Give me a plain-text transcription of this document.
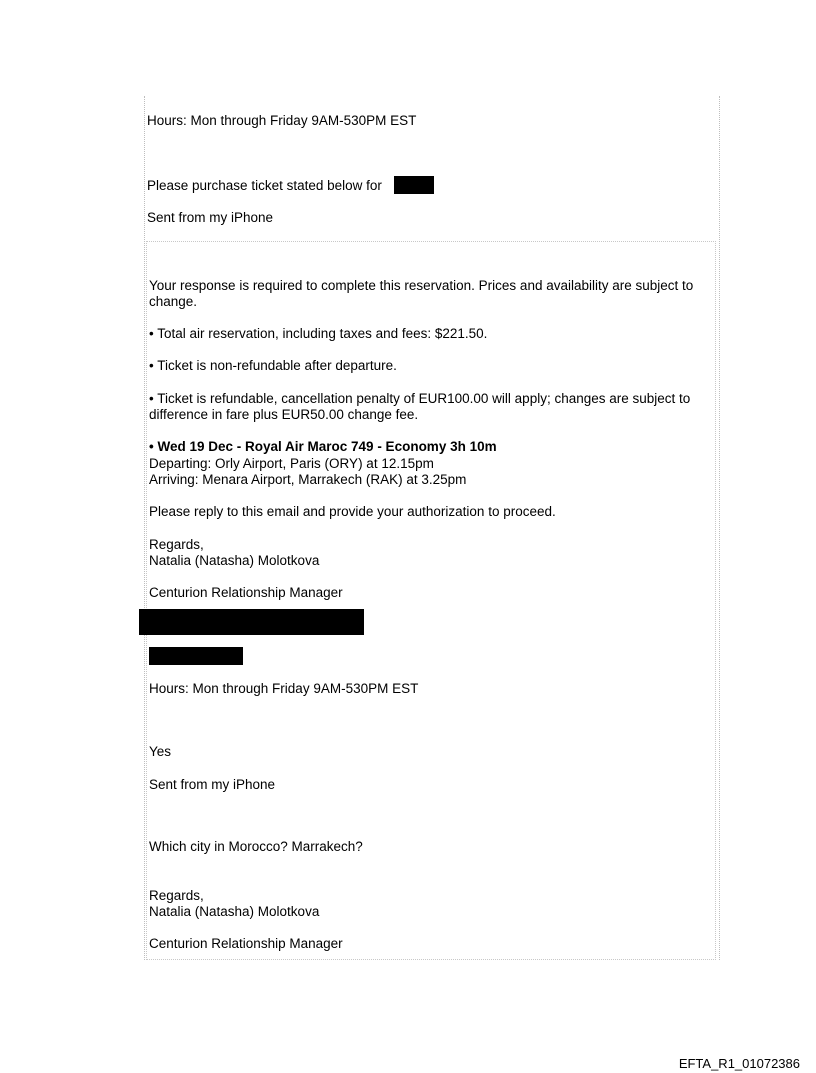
Hours: Mon through Friday 9AM-530PM EST
Please purchase ticket stated below for
Sent from my iPhone
Your response is required to complete this reservation. Prices and availability are subject to change.
• Total air reservation, including taxes and fees: $221.50.
• Ticket is non-refundable after departure.
• Ticket is refundable, cancellation penalty of EUR100.00 will apply; changes are subject to difference in fare plus EUR50.00 change fee.
• Wed 19 Dec - Royal Air Maroc 749 - Economy 3h 10m
Departing: Orly Airport, Paris (ORY) at 12.15pm
Arriving: Menara Airport, Marrakech (RAK) at 3.25pm
Please reply to this email and provide your authorization to proceed.
Regards,
Natalia (Natasha) Molotkova
Centurion Relationship Manager
Hours: Mon through Friday 9AM-530PM EST
Yes
Sent from my iPhone
Which city in Morocco? Marrakech?
Regards,
Natalia (Natasha) Molotkova
Centurion Relationship Manager
EFTA_R1_01072386
